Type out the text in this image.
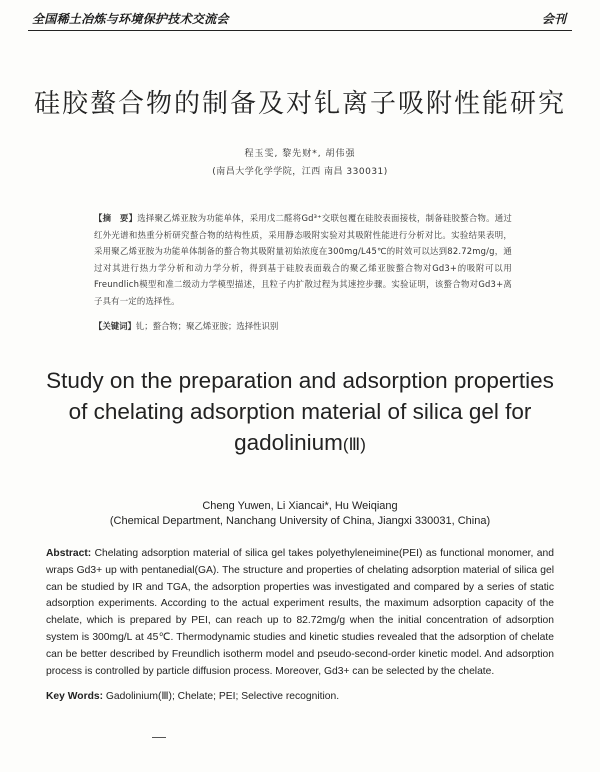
全国稀土冶炼与环境保护技术交流会	会刊
硅胶螯合物的制备及对钆离子吸附性能研究
程玉雯, 黎先财*, 胡伟强
(南昌大学化学学院，江西 南昌 330031)
【摘　要】选择聚乙烯亚胺为功能单体，采用戊二醛将Gd³⁺交联包覆在硅胶表面接枝，制备硅胶螯合物。通过红外光谱和热重分析研究螯合物的结构性质，采用静态吸附实验对其吸附性能进行分析对比。实验结果表明，采用聚乙烯亚胺为功能单体制备的螯合物其吸附量初始浓度在300mg/L45℃的时效可以达到82.72mg/g，通过对其进行热力学分析和动力学分析，得到基于硅胶表面载合的聚乙烯亚胺螯合物对Gd3+的吸附可以用Freundlich模型和准二级动力学模型描述，且粒子内扩散过程为其速控步骤。实验证明，该螯合物对Gd3+离子具有一定的选择性。
【关键词】钆；螯合物；聚乙烯亚胺；选择性识别
Study on the preparation and adsorption properties of chelating adsorption material of silica gel for gadolinium(Ⅲ)
Cheng Yuwen, Li Xiancai*, Hu Weiqiang
(Chemical Department, Nanchang University of China, Jiangxi 330031, China)
Abstract: Chelating adsorption material of silica gel takes polyethyleneimine(PEI) as functional monomer, and wraps Gd3+ up with pentanedial(GA). The structure and properties of chelating adsorption material of silica gel can be studied by IR and TGA, the adsorption properties was investigated and compared by a series of static adsorption experiments. According to the actual experiment results, the maximum adsorption capacity of the chelate, which is prepared by PEI, can reach up to 82.72mg/g when the initial concentration of adsorption system is 300mg/L at 45℃. Thermodynamic studies and kinetic studies revealed that the adsorption of chelate can be better described by Freundlich isotherm model and pseudo-second-order kinetic model. And adsorption process is controlled by particle diffusion process. Moreover, Gd3+ can be selected by the chelate.
Key Words: Gadolinium(Ⅲ); Chelate; PEI; Selective recognition.
